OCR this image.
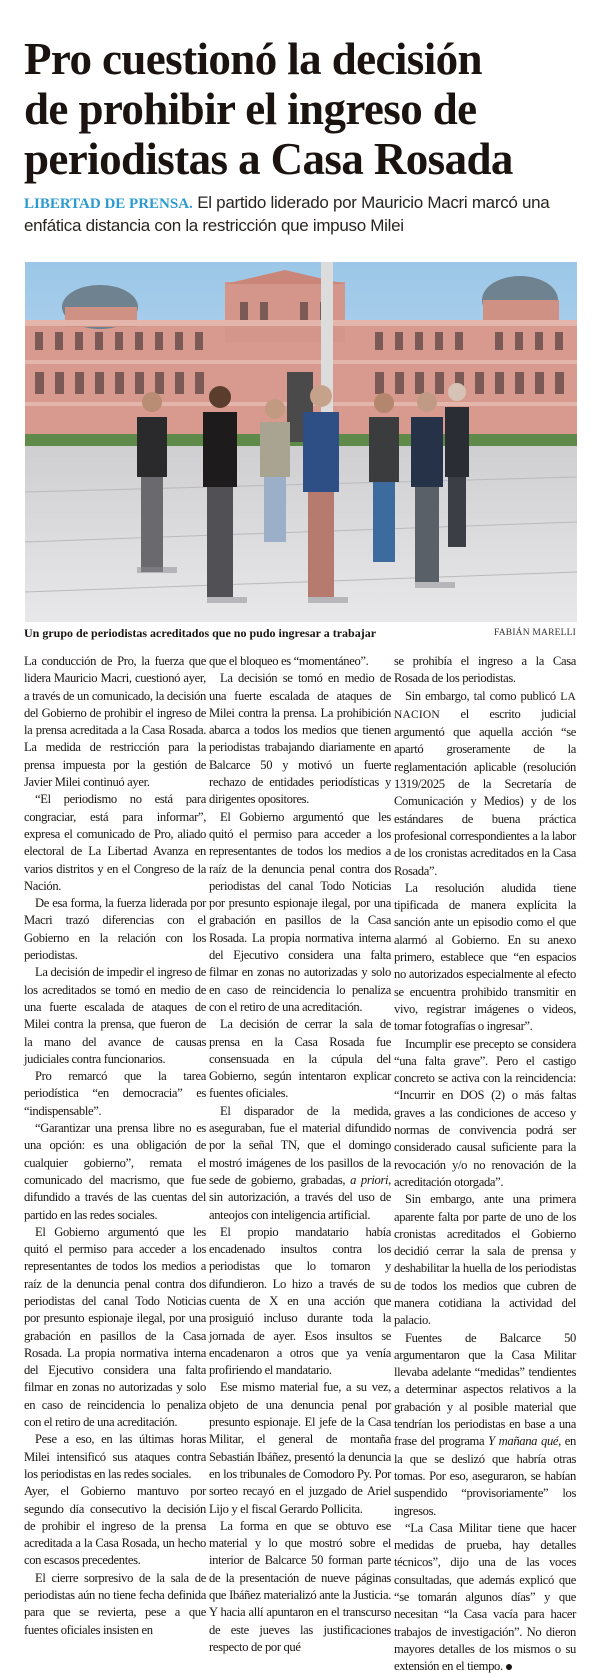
Pro cuestionó la decisión
de prohibir el ingreso de
periodistas a Casa Rosada
LIBERTAD DE PRENSA. El partido liderado por Mauricio Macri marcó una enfática distancia con la restricción que impuso Milei
Un grupo de periodistas acreditados que no pudo ingresar a trabajar	FABIÁN MARELLI

La conducción de Pro, la fuerza que lidera Mauricio Macri, cuestionó ayer, a través de un comunicado, la decisión del Gobierno de prohibir el ingreso de la prensa acreditada a la Casa Rosada. La medida de restricción para la prensa impuesta por la gestión de Javier Milei continuó ayer.

“El periodismo no está para congraciar, está para informar”, expresa el comunicado de Pro, aliado electoral de La Libertad Avanza en varios distritos y en el Congreso de la Nación.

De esa forma, la fuerza liderada por Macri trazó diferencias con el Gobierno en la relación con los periodistas.

La decisión de impedir el ingreso de los acreditados se tomó en medio de una fuerte escalada de ataques de Milei contra la prensa, que fueron de la mano del avance de causas judiciales contra funcionarios.

Pro remarcó que la tarea periodística “en democracia” es “indispensable”.

“Garantizar una prensa libre no es una opción: es una obligación de cualquier gobierno”, remata el comunicado del macrismo, que fue difundido a través de las cuentas del partido en las redes sociales.

El Gobierno argumentó que les quitó el permiso para acceder a los representantes de todos los medios a raíz de la denuncia penal contra dos periodistas del canal Todo Noticias por presunto espionaje ilegal, por una grabación en pasillos de la Casa Rosada. La propia normativa interna del Ejecutivo considera una falta filmar en zonas no autorizadas y solo en caso de reincidencia lo penaliza con el retiro de una acreditación.

Pese a eso, en las últimas horas Milei intensificó sus ataques contra los periodistas en las redes sociales.

Ayer, el Gobierno mantuvo por segundo día consecutivo la decisión de prohibir el ingreso de la prensa acreditada a la Casa Rosada, un hecho con escasos precedentes.

El cierre sorpresivo de la sala de periodistas aún no tiene fecha definida para que se revierta, pese a que fuentes oficiales insisten en

que el bloqueo es “momentáneo”.

La decisión se tomó en medio de una fuerte escalada de ataques de Milei contra la prensa. La prohibición abarca a todos los medios que tienen periodistas trabajando diariamente en Balcarce 50 y motivó un fuerte rechazo de entidades periodísticas y dirigentes opositores.

El Gobierno argumentó que les quitó el permiso para acceder a los representantes de todos los medios a raíz de la denuncia penal contra dos periodistas del canal Todo Noticias por presunto espionaje ilegal, por una grabación en pasillos de la Casa Rosada. La propia normativa interna del Ejecutivo considera una falta filmar en zonas no autorizadas y solo en caso de reincidencia lo penaliza con el retiro de una acreditación.

La decisión de cerrar la sala de prensa en la Casa Rosada fue consensuada en la cúpula del Gobierno, según intentaron explicar fuentes oficiales.

El disparador de la medida, aseguraban, fue el material difundido por la señal TN, que el domingo mostró imágenes de los pasillos de la sede de gobierno, grabadas, a priori, sin autorización, a través del uso de anteojos con inteligencia artificial.

El propio mandatario había encadenado insultos contra los periodistas que lo tomaron y difundieron. Lo hizo a través de su cuenta de X en una acción que prosiguió incluso durante toda la jornada de ayer. Esos insultos se encadenaron a otros que ya venía profiriendo el mandatario.

Ese mismo material fue, a su vez, objeto de una denuncia penal por presunto espionaje. El jefe de la Casa Militar, el general de montaña Sebastián Ibáñez, presentó la denuncia en los tribunales de Comodoro Py. Por sorteo recayó en el juzgado de Ariel Lijo y el fiscal Gerardo Pollicita.

La forma en que se obtuvo ese material y lo que mostró sobre el interior de Balcarce 50 forman parte de la presentación de nueve páginas que Ibáñez materializó ante la Justicia. Y hacia allí apuntaron en el transcurso de este jueves las justificaciones respecto de por qué

se prohibía el ingreso a la Casa Rosada de los periodistas.

Sin embargo, tal como publicó LA NACION el escrito judicial argumentó que aquella acción “se apartó groseramente de la reglamentación aplicable (resolución 1319/2025 de la Secretaría de Comunicación y Medios) y de los estándares de buena práctica profesional correspondientes a la labor de los cronistas acreditados en la Casa Rosada”.

La resolución aludida tiene tipificada de manera explícita la sanción ante un episodio como el que alarmó al Gobierno. En su anexo primero, establece que “en espacios no autorizados especialmente al efecto se encuentra prohibido transmitir en vivo, registrar imágenes o videos, tomar fotografías o ingresar”.

Incumplir ese precepto se considera “una falta grave”. Pero el castigo concreto se activa con la reincidencia: “Incurrir en DOS (2) o más faltas graves a las condiciones de acceso y normas de convivencia podrá ser considerado causal suficiente para la revocación y/o no renovación de la acreditación otorgada”.

Sin embargo, ante una primera aparente falta por parte de uno de los cronistas acreditados el Gobierno decidió cerrar la sala de prensa y deshabilitar la huella de los periodistas de todos los medios que cubren de manera cotidiana la actividad del palacio.

Fuentes de Balcarce 50 argumentaron que la Casa Militar llevaba adelante “medidas” tendientes a determinar aspectos relativos a la grabación y al posible material que tendrían los periodistas en base a una frase del programa Y mañana qué, en la que se deslizó que habría otras tomas. Por eso, aseguraron, se habían suspendido “provisoriamente” los ingresos.

“La Casa Militar tiene que hacer medidas de prueba, hay detalles técnicos”, dijo una de las voces consultadas, que además explicó que “se tomarán algunos días” y que necesitan “la Casa vacía para hacer trabajos de investigación”. No dieron mayores detalles de los mismos o su extensión en el tiempo.
